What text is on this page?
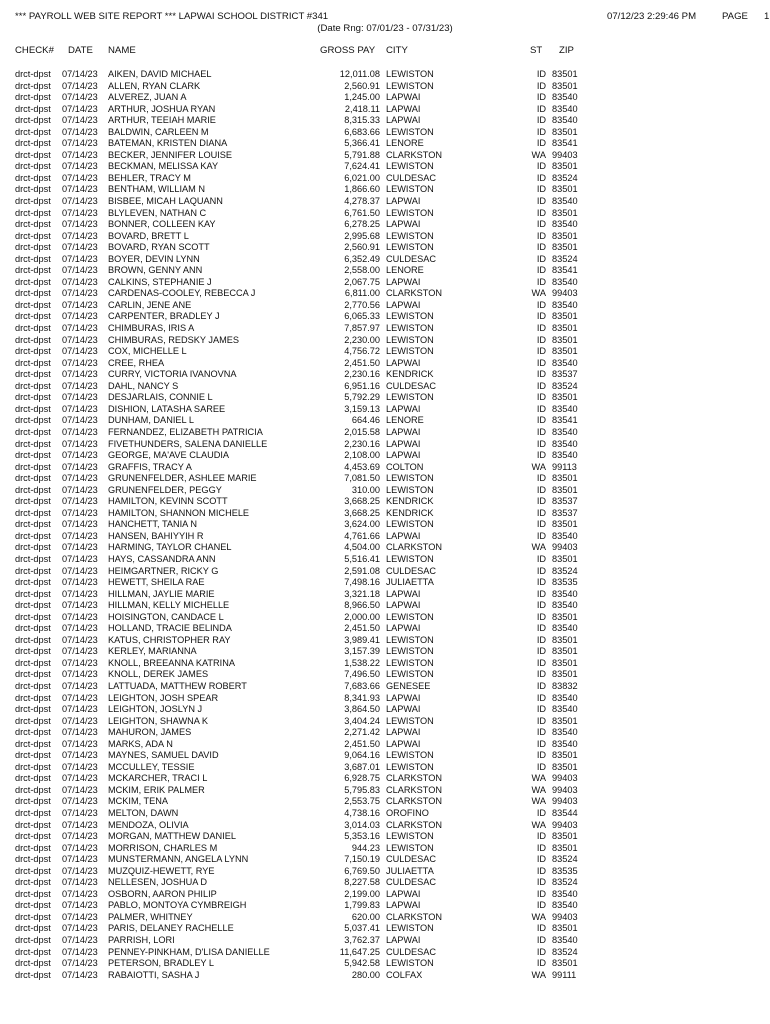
*** PAYROLL WEB SITE REPORT *** LAPWAI SCHOOL DISTRICT #341	07/12/23 2:29:46 PM	PAGE 1
(Date Rng: 07/01/23 - 07/31/23)
CHECK# DATE NAME	GROSS PAY CITY	ST ZIP
drct-dpst 07/14/23 AIKEN, DAVID MICHAEL	12,011.08 LEWISTON	ID 83501
drct-dpst 07/14/23 ALLEN, RYAN CLARK	2,560.91 LEWISTON	ID 83501
drct-dpst 07/14/23 ALVEREZ, JUAN A	1,245.00 LAPWAI	ID 83540
drct-dpst 07/14/23 ARTHUR, JOSHUA RYAN	2,418.11 LAPWAI	ID 83540
drct-dpst 07/14/23 ARTHUR, TEEIAH MARIE	8,315.33 LAPWAI	ID 83540
drct-dpst 07/14/23 BALDWIN, CARLEEN M	6,683.66 LEWISTON	ID 83501
drct-dpst 07/14/23 BATEMAN, KRISTEN DIANA	5,366.41 LENORE	ID 83541
drct-dpst 07/14/23 BECKER, JENNIFER LOUISE	5,791.88 CLARKSTON	WA 99403
drct-dpst 07/14/23 BECKMAN, MELISSA KAY	7,624.41 LEWISTON	ID 83501
drct-dpst 07/14/23 BEHLER, TRACY M	6,021.00 CULDESAC	ID 83524
drct-dpst 07/14/23 BENTHAM, WILLIAM N	1,866.60 LEWISTON	ID 83501
drct-dpst 07/14/23 BISBEE, MICAH LAQUANN	4,278.37 LAPWAI	ID 83540
drct-dpst 07/14/23 BLYLEVEN, NATHAN C	6,761.50 LEWISTON	ID 83501
drct-dpst 07/14/23 BONNER, COLLEEN KAY	6,278.25 LAPWAI	ID 83540
drct-dpst 07/14/23 BOVARD, BRETT L	2,995.68 LEWISTON	ID 83501
drct-dpst 07/14/23 BOVARD, RYAN SCOTT	2,560.91 LEWISTON	ID 83501
drct-dpst 07/14/23 BOYER, DEVIN LYNN	6,352.49 CULDESAC	ID 83524
drct-dpst 07/14/23 BROWN, GENNY ANN	2,558.00 LENORE	ID 83541
drct-dpst 07/14/23 CALKINS, STEPHANIE J	2,067.75 LAPWAI	ID 83540
drct-dpst 07/14/23 CARDENAS-COOLEY, REBECCA J	6,811.00 CLARKSTON	WA 99403
drct-dpst 07/14/23 CARLIN, JENE ANE	2,770.56 LAPWAI	ID 83540
drct-dpst 07/14/23 CARPENTER, BRADLEY J	6,065.33 LEWISTON	ID 83501
drct-dpst 07/14/23 CHIMBURAS, IRIS A	7,857.97 LEWISTON	ID 83501
drct-dpst 07/14/23 CHIMBURAS, REDSKY JAMES	2,230.00 LEWISTON	ID 83501
drct-dpst 07/14/23 COX, MICHELLE L	4,756.72 LEWISTON	ID 83501
drct-dpst 07/14/23 CREE, RHEA	2,451.50 LAPWAI	ID 83540
drct-dpst 07/14/23 CURRY, VICTORIA IVANOVNA	2,230.16 KENDRICK	ID 83537
drct-dpst 07/14/23 DAHL, NANCY S	6,951.16 CULDESAC	ID 83524
drct-dpst 07/14/23 DESJARLAIS, CONNIE L	5,792.29 LEWISTON	ID 83501
drct-dpst 07/14/23 DISHION, LATASHA SAREE	3,159.13 LAPWAI	ID 83540
drct-dpst 07/14/23 DUNHAM, DANIEL L	664.46 LENORE	ID 83541
drct-dpst 07/14/23 FERNANDEZ, ELIZABETH PATRICIA	2,015.58 LAPWAI	ID 83540
drct-dpst 07/14/23 FIVETHUNDERS, SALENA DANIELLE	2,230.16 LAPWAI	ID 83540
drct-dpst 07/14/23 GEORGE, MA'AVE CLAUDIA	2,108.00 LAPWAI	ID 83540
drct-dpst 07/14/23 GRAFFIS, TRACY A	4,453.69 COLTON	WA 99113
drct-dpst 07/14/23 GRUNENFELDER, ASHLEE MARIE	7,081.50 LEWISTON	ID 83501
drct-dpst 07/14/23 GRUNENFELDER, PEGGY	310.00 LEWISTON	ID 83501
drct-dpst 07/14/23 HAMILTON, KEVINN SCOTT	3,668.25 KENDRICK	ID 83537
drct-dpst 07/14/23 HAMILTON, SHANNON MICHELE	3,668.25 KENDRICK	ID 83537
drct-dpst 07/14/23 HANCHETT, TANIA N	3,624.00 LEWISTON	ID 83501
drct-dpst 07/14/23 HANSEN, BAHIYYIH R	4,761.66 LAPWAI	ID 83540
drct-dpst 07/14/23 HARMING, TAYLOR CHANEL	4,504.00 CLARKSTON	WA 99403
drct-dpst 07/14/23 HAYS, CASSANDRA ANN	5,516.41 LEWISTON	ID 83501
drct-dpst 07/14/23 HEIMGARTNER, RICKY G	2,591.08 CULDESAC	ID 83524
drct-dpst 07/14/23 HEWETT, SHEILA RAE	7,498.16 JULIAETTA	ID 83535
drct-dpst 07/14/23 HILLMAN, JAYLIE MARIE	3,321.18 LAPWAI	ID 83540
drct-dpst 07/14/23 HILLMAN, KELLY MICHELLE	8,966.50 LAPWAI	ID 83540
drct-dpst 07/14/23 HOISINGTON, CANDACE L	2,000.00 LEWISTON	ID 83501
drct-dpst 07/14/23 HOLLAND, TRACIE BELINDA	2,451.50 LAPWAI	ID 83540
drct-dpst 07/14/23 KATUS, CHRISTOPHER RAY	3,989.41 LEWISTON	ID 83501
drct-dpst 07/14/23 KERLEY, MARIANNA	3,157.39 LEWISTON	ID 83501
drct-dpst 07/14/23 KNOLL, BREEANNA KATRINA	1,538.22 LEWISTON	ID 83501
drct-dpst 07/14/23 KNOLL, DEREK JAMES	7,496.50 LEWISTON	ID 83501
drct-dpst 07/14/23 LATTUADA, MATTHEW ROBERT	7,683.66 GENESEE	ID 83832
drct-dpst 07/14/23 LEIGHTON, JOSH SPEAR	8,341.93 LAPWAI	ID 83540
drct-dpst 07/14/23 LEIGHTON, JOSLYN J	3,864.50 LAPWAI	ID 83540
drct-dpst 07/14/23 LEIGHTON, SHAWNA K	3,404.24 LEWISTON	ID 83501
drct-dpst 07/14/23 MAHURON, JAMES	2,271.42 LAPWAI	ID 83540
drct-dpst 07/14/23 MARKS, ADA N	2,451.50 LAPWAI	ID 83540
drct-dpst 07/14/23 MAYNES, SAMUEL DAVID	9,064.16 LEWISTON	ID 83501
drct-dpst 07/14/23 MCCULLEY, TESSIE	3,687.01 LEWISTON	ID 83501
drct-dpst 07/14/23 MCKARCHER, TRACI L	6,928.75 CLARKSTON	WA 99403
drct-dpst 07/14/23 MCKIM, ERIK PALMER	5,795.83 CLARKSTON	WA 99403
drct-dpst 07/14/23 MCKIM, TENA	2,553.75 CLARKSTON	WA 99403
drct-dpst 07/14/23 MELTON, DAWN	4,738.16 OROFINO	ID 83544
drct-dpst 07/14/23 MENDOZA, OLIVIA	3,014.03 CLARKSTON	WA 99403
drct-dpst 07/14/23 MORGAN, MATTHEW DANIEL	5,353.16 LEWISTON	ID 83501
drct-dpst 07/14/23 MORRISON, CHARLES M	944.23 LEWISTON	ID 83501
drct-dpst 07/14/23 MUNSTERMANN, ANGELA LYNN	7,150.19 CULDESAC	ID 83524
drct-dpst 07/14/23 MUZQUIZ-HEWETT, RYE	6,769.50 JULIAETTA	ID 83535
drct-dpst 07/14/23 NELLESEN, JOSHUA D	8,227.58 CULDESAC	ID 83524
drct-dpst 07/14/23 OSBORN, AARON PHILIP	2,199.00 LAPWAI	ID 83540
drct-dpst 07/14/23 PABLO, MONTOYA CYMBREIGH	1,799.83 LAPWAI	ID 83540
drct-dpst 07/14/23 PALMER, WHITNEY	620.00 CLARKSTON	WA 99403
drct-dpst 07/14/23 PARIS, DELANEY RACHELLE	5,037.41 LEWISTON	ID 83501
drct-dpst 07/14/23 PARRISH, LORI	3,762.37 LAPWAI	ID 83540
drct-dpst 07/14/23 PENNEY-PINKHAM, D'LISA DANIELLE	11,647.25 CULDESAC	ID 83524
drct-dpst 07/14/23 PETERSON, BRADLEY L	5,942.58 LEWISTON	ID 83501
drct-dpst 07/14/23 RABAIOTTI, SASHA J	280.00 COLFAX	WA 99111
